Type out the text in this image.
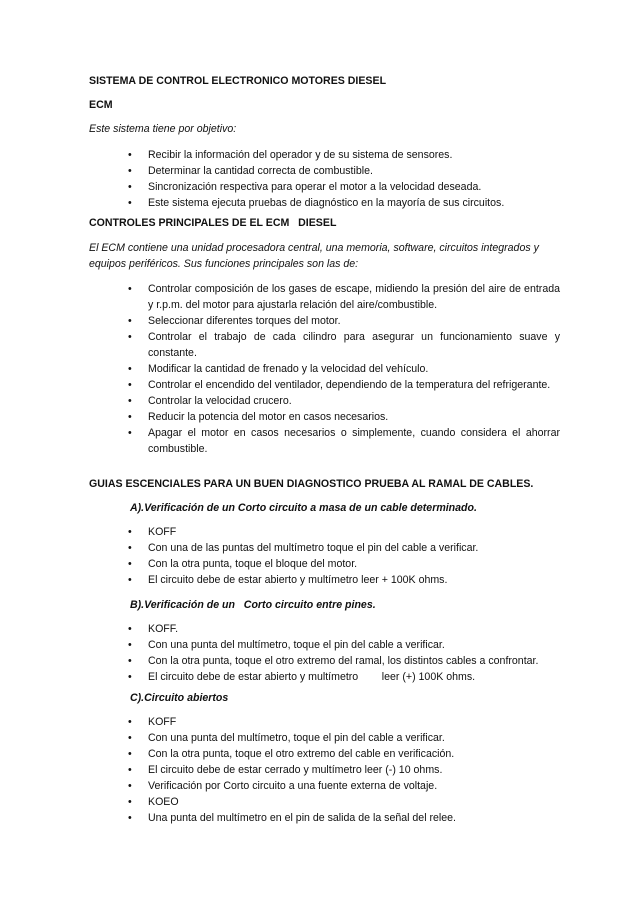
SISTEMA DE CONTROL ELECTRONICO MOTORES DIESEL
ECM
Este sistema tiene por objetivo:
• Recibir la información del operador y de su sistema de sensores.
• Determinar la cantidad correcta de combustible.
• Sincronización respectiva para operar el motor a la velocidad deseada.
• Este sistema ejecuta pruebas de diagnóstico en la mayoría de sus circuitos.
CONTROLES PRINCIPALES DE EL ECM   DIESEL
El ECM contiene una unidad procesadora central, una memoria, software, circuitos integrados y equipos periféricos. Sus funciones principales son las de:
• Controlar composición de los gases de escape, midiendo la presión del aire de entrada y r.p.m. del motor para ajustarla relación del aire/combustible.
• Seleccionar diferentes torques del motor.
• Controlar el trabajo de cada cilindro para asegurar un funcionamiento suave y constante.
• Modificar la cantidad de frenado y la velocidad del vehículo.
• Controlar el encendido del ventilador, dependiendo de la temperatura del refrigerante.
• Controlar la velocidad crucero.
• Reducir la potencia del motor en casos necesarios.
• Apagar el motor en casos necesarios o simplemente, cuando considera el ahorrar combustible.
GUIAS ESCENCIALES PARA UN BUEN DIAGNOSTICO PRUEBA AL RAMAL DE CABLES.
A).Verificación de un Corto circuito a masa de un cable determinado.
• KOFF
• Con una de las puntas del multímetro toque el pin del cable a verificar.
• Con la otra punta, toque el bloque del motor.
• El circuito debe de estar abierto y multímetro leer + 100K ohms.
B).Verificación de un   Corto circuito entre pines.
• KOFF.
• Con una punta del multímetro, toque el pin del cable a verificar.
• Con la otra punta, toque el otro extremo del ramal, los distintos cables a confrontar.
• El circuito debe de estar abierto y multímetro        leer (+) 100K ohms.
C).Circuito abiertos
• KOFF
• Con una punta del multímetro, toque el pin del cable a verificar.
• Con la otra punta, toque el otro extremo del cable en verificación.
• El circuito debe de estar cerrado y multímetro leer (-) 10 ohms.
• Verificación por Corto circuito a una fuente externa de voltaje.
• KOEO
• Una punta del multímetro en el pin de salida de la señal del relee.
